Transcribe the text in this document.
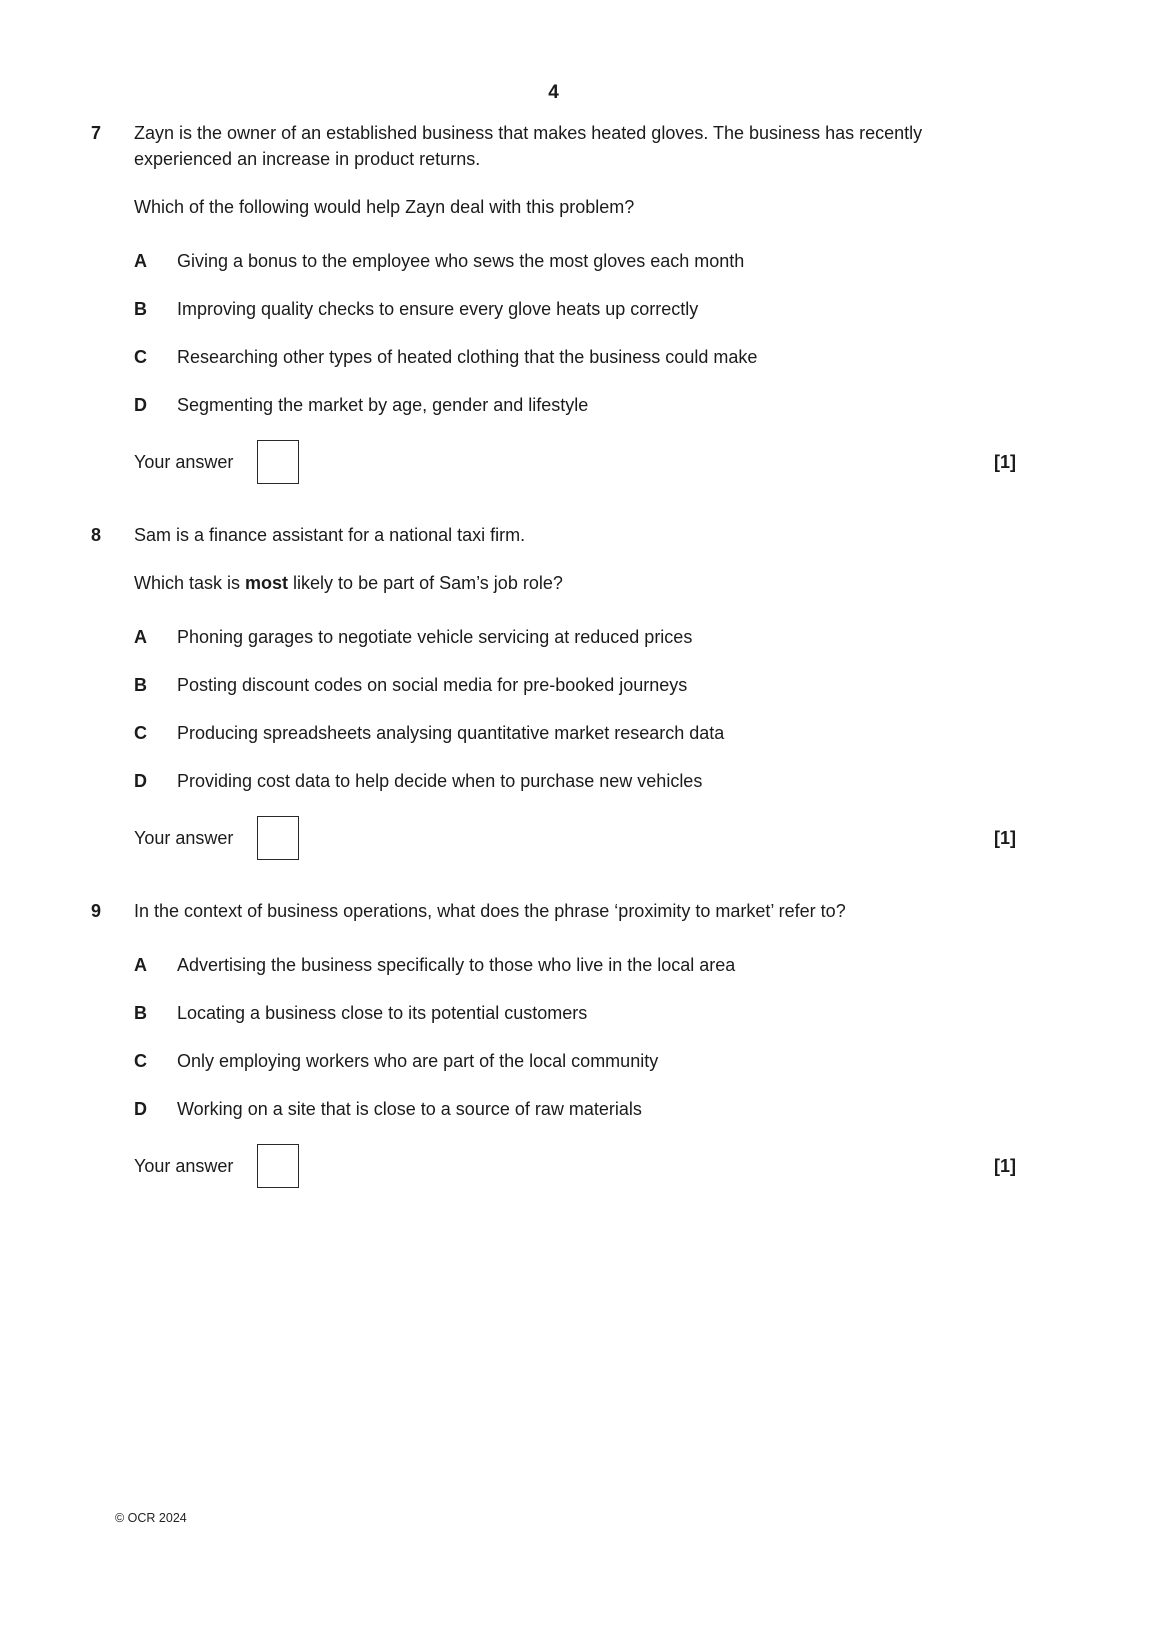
4
7	Zayn is the owner of an established business that makes heated gloves. The business has recently experienced an increase in product returns.

Which of the following would help Zayn deal with this problem?

A	Giving a bonus to the employee who sews the most gloves each month
B	Improving quality checks to ensure every glove heats up correctly
C	Researching other types of heated clothing that the business could make
D	Segmenting the market by age, gender and lifestyle
Your answer	[1]
8	Sam is a finance assistant for a national taxi firm.

Which task is most likely to be part of Sam’s job role?

A	Phoning garages to negotiate vehicle servicing at reduced prices
B	Posting discount codes on social media for pre-booked journeys
C	Producing spreadsheets analysing quantitative market research data
D	Providing cost data to help decide when to purchase new vehicles
Your answer	[1]
9	In the context of business operations, what does the phrase ‘proximity to market’ refer to?

A	Advertising the business specifically to those who live in the local area
B	Locating a business close to its potential customers
C	Only employing workers who are part of the local community
D	Working on a site that is close to a source of raw materials
Your answer	[1]
© OCR 2024
